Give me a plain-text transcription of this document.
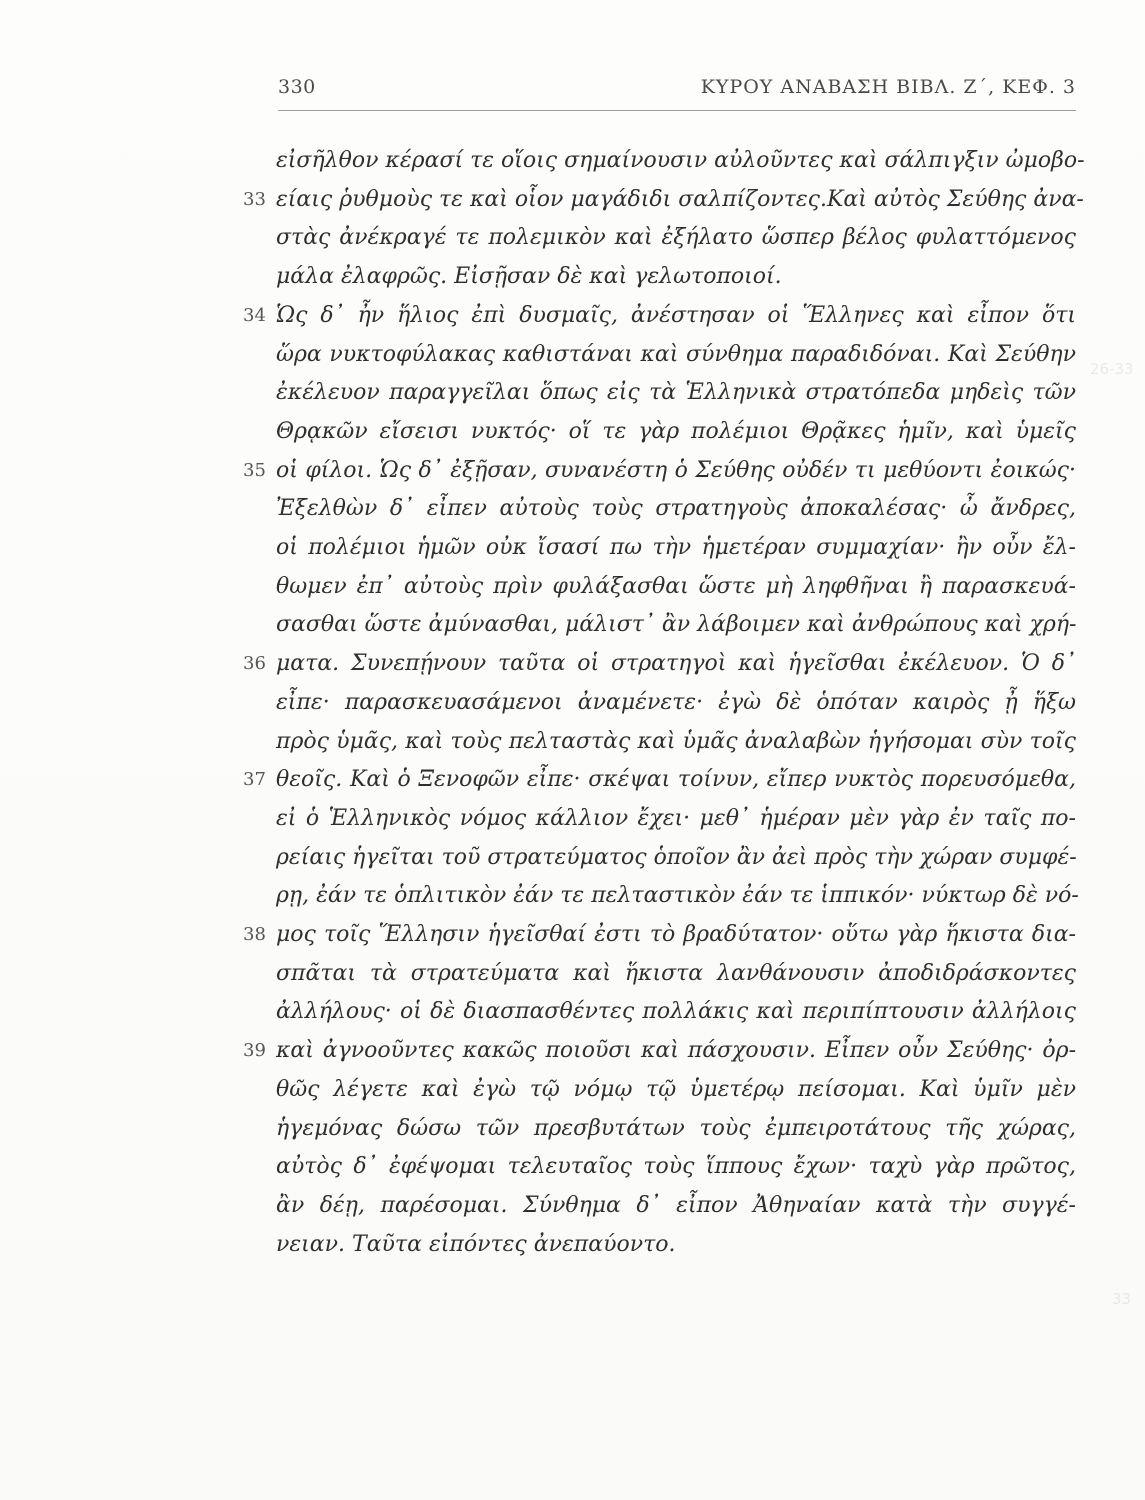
26-33
33
330	ΚΥΡΟΥ ΑΝΑΒΑΣΗ ΒΙΒΛ. Ζ΄, ΚΕΦ. 3
εἰσῆλθον κέρασί τε οἵοις σημαίνουσιν αὐλοῦντες καὶ σάλπιγξιν ὠμοβο-
είαις ῥυθμοὺς τε καὶ οἷον μαγάδιδι σαλπίζοντες.Καὶ αὐτὸς Σεύθης ἀνα-
33
στὰς ἀνέκραγέ τε πολεμικὸν καὶ ἐξήλατο ὥσπερ βέλος φυλαττόμενος
μάλα ἐλαφρῶς. Εἰσῇσαν δὲ καὶ γελωτοποιοί.
Ὡς δ᾽ ἦν ἥλιος ἐπὶ δυσμαῖς, ἀνέστησαν οἱ Ἕλληνες καὶ εἶπον ὅτι
34
ὥρα νυκτοφύλακας καθιστάναι καὶ σύνθημα παραδιδόναι. Καὶ Σεύθην
ἐκέλευον παραγγεῖλαι ὅπως εἰς τὰ Ἑλληνικὰ στρατόπεδα μηδεὶς τῶν
Θρᾳκῶν εἴσεισι νυκτός· οἵ τε γὰρ πολέμιοι Θρᾷκες ἡμῖν, καὶ ὑμεῖς
οἱ φίλοι. Ὡς δ᾽ ἐξῇσαν, συνανέστη ὁ Σεύθης οὐδέν τι μεθύοντι ἐοικώς·
35
Ἐξελθὼν δ᾽ εἶπεν αὐτοὺς τοὺς στρατηγοὺς ἀποκαλέσας· ὦ ἄνδρες,
οἱ πολέμιοι ἡμῶν οὐκ ἴσασί πω τὴν ἡμετέραν συμμαχίαν· ἢν οὖν ἔλ-
θωμεν ἐπ᾽ αὐτοὺς πρὶν φυλάξασθαι ὥστε μὴ ληφθῆναι ἢ παρασκευά-
σασθαι ὥστε ἀμύνασθαι, μάλιστ᾽ ἂν λάβοιμεν καὶ ἀνθρώπους καὶ χρή-
ματα. Συνεπῄνουν ταῦτα οἱ στρατηγοὶ καὶ ἡγεῖσθαι ἐκέλευον. Ὁ δ᾽
36
εἶπε· παρασκευασάμενοι ἀναμένετε· ἐγὼ δὲ ὁπόταν καιρὸς ᾖ ἥξω
πρὸς ὑμᾶς, καὶ τοὺς πελταστὰς καὶ ὑμᾶς ἀναλαβὼν ἡγήσομαι σὺν τοῖς
θεοῖς. Καὶ ὁ Ξενοφῶν εἶπε· σκέψαι τοίνυν, εἴπερ νυκτὸς πορευσόμεθα,
37
εἰ ὁ Ἑλληνικὸς νόμος κάλλιον ἔχει· μεθ᾽ ἡμέραν μὲν γὰρ ἐν ταῖς πο-
ρείαις ἡγεῖται τοῦ στρατεύματος ὁποῖον ἂν ἀεὶ πρὸς τὴν χώραν συμφέ-
ρῃ, ἐάν τε ὁπλιτικὸν ἐάν τε πελταστικὸν ἐάν τε ἱππικόν· νύκτωρ δὲ νό-
μος τοῖς Ἕλλησιν ἡγεῖσθαί ἐστι τὸ βραδύτατον· οὕτω γὰρ ἥκιστα δια-
38
σπᾶται τὰ στρατεύματα καὶ ἥκιστα λανθάνουσιν ἀποδιδράσκοντες
ἀλλήλους· οἱ δὲ διασπασθέντες πολλάκις καὶ περιπίπτουσιν ἀλλήλοις
καὶ ἀγνοοῦντες κακῶς ποιοῦσι καὶ πάσχουσιν. Εἶπεν οὖν Σεύθης· ὀρ-
39
θῶς λέγετε καὶ ἐγὼ τῷ νόμῳ τῷ ὑμετέρῳ πείσομαι. Καὶ ὑμῖν μὲν
ἡγεμόνας δώσω τῶν πρεσβυτάτων τοὺς ἐμπειροτάτους τῆς χώρας,
αὐτὸς δ᾽ ἐφέψομαι τελευταῖος τοὺς ἵππους ἔχων· ταχὺ γὰρ πρῶτος,
ἂν δέῃ, παρέσομαι. Σύνθημα δ᾽ εἶπον Ἀθηναίαν κατὰ τὴν συγγέ-
νειαν. Ταῦτα εἰπόντες ἀνεπαύοντο.
